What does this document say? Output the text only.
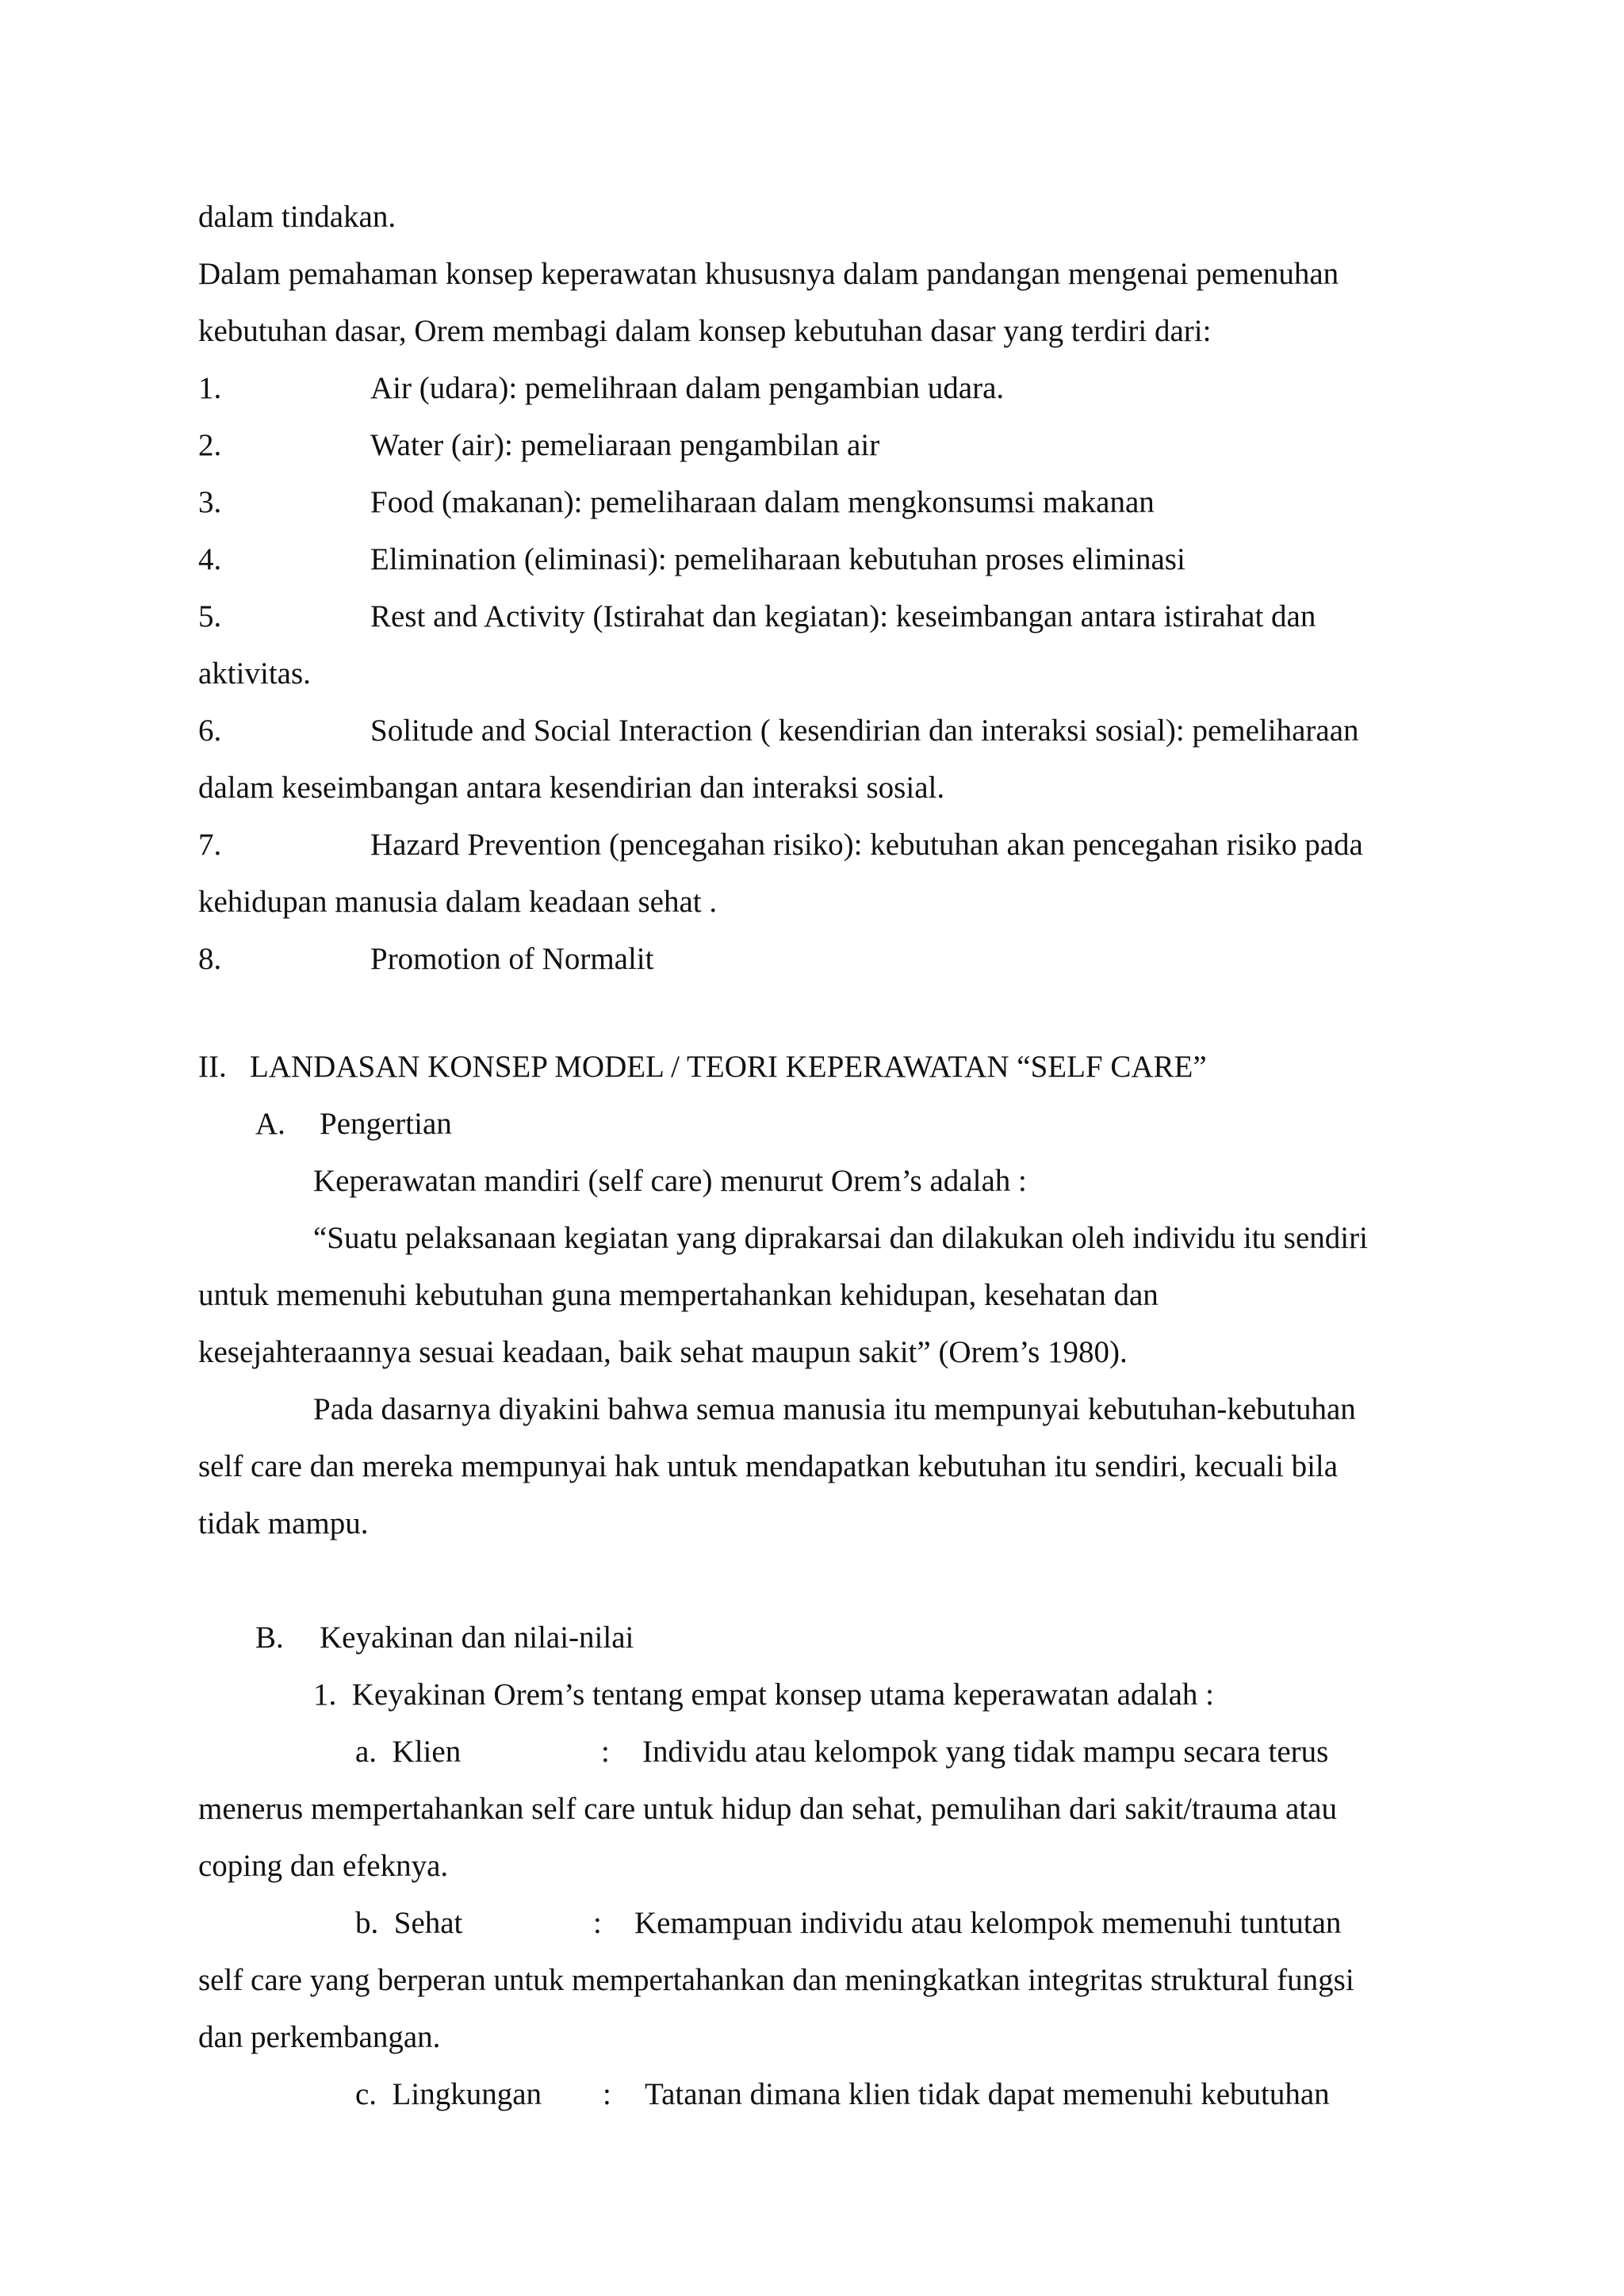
dalam tindakan.
Dalam pemahaman konsep keperawatan khususnya dalam pandangan mengenai pemenuhan
kebutuhan dasar, Orem membagi dalam konsep kebutuhan dasar yang terdiri dari:
1.	Air (udara): pemelihraan dalam pengambian udara.
2.	Water (air): pemeliaraan pengambilan air
3.	Food (makanan): pemeliharaan dalam mengkonsumsi makanan
4.	Elimination (eliminasi): pemeliharaan kebutuhan proses eliminasi
5.	Rest and Activity (Istirahat dan kegiatan): keseimbangan antara istirahat dan
aktivitas.
6.	Solitude and Social Interaction ( kesendirian dan interaksi sosial): pemeliharaan
dalam keseimbangan antara kesendirian dan interaksi sosial.
7.	Hazard Prevention (pencegahan risiko): kebutuhan akan pencegahan risiko pada
kehidupan manusia dalam keadaan sehat .
8.	Promotion of Normalit
II.   LANDASAN KONSEP MODEL / TEORI KEPERAWATAN “SELF CARE”
A. Pengertian
Keperawatan mandiri (self care) menurut Orem’s adalah :
“Suatu pelaksanaan kegiatan yang diprakarsai dan dilakukan oleh individu itu sendiri
untuk memenuhi kebutuhan guna mempertahankan kehidupan, kesehatan dan
kesejahteraannya sesuai keadaan, baik sehat maupun sakit” (Orem’s 1980).
Pada dasarnya diyakini bahwa semua manusia itu mempunyai kebutuhan-kebutuhan
self care dan mereka mempunyai hak untuk mendapatkan kebutuhan itu sendiri, kecuali bila
tidak mampu.
B. Keyakinan dan nilai-nilai
1.  Keyakinan Orem’s tentang empat konsep utama keperawatan adalah :
a.  Klien	: Individu atau kelompok yang tidak mampu secara terus
menerus mempertahankan self care untuk hidup dan sehat, pemulihan dari sakit/trauma atau
coping dan efeknya.
b.  Sehat	: Kemampuan individu atau kelompok memenuhi tuntutan
self care yang berperan untuk mempertahankan dan meningkatkan integritas struktural fungsi
dan perkembangan.
c.  Lingkungan : Tatanan dimana klien tidak dapat memenuhi kebutuhan
